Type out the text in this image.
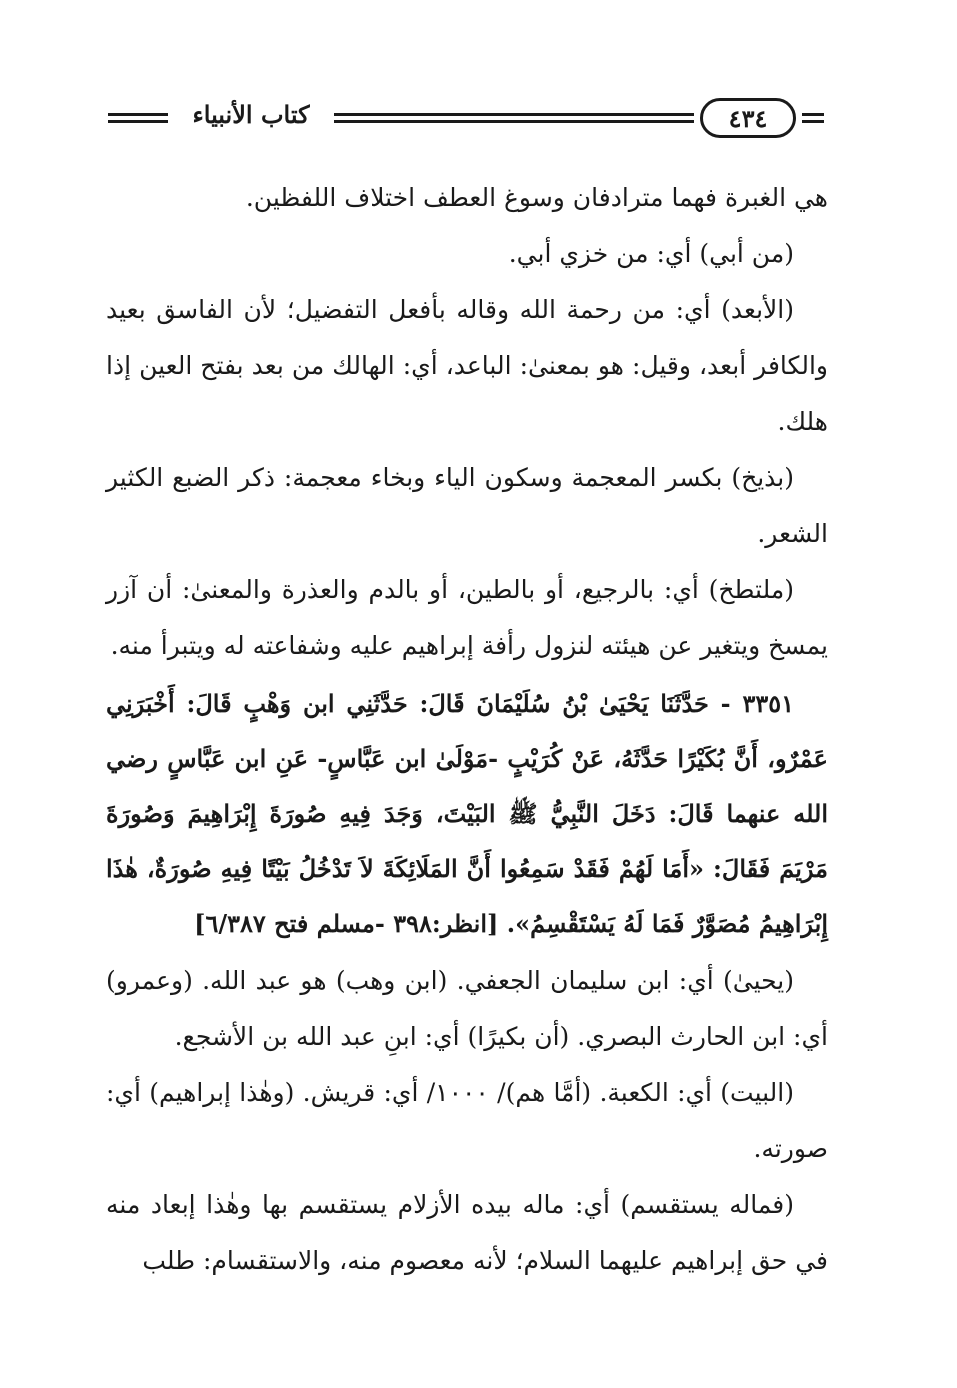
كتاب الأنبياء	٤٣٤

هي الغبرة فهما مترادفان وسوغ العطف اختلاف اللفظين.

(من أبي) أي: من خزي أبي.

(الأبعد) أي: من رحمة الله وقاله بأفعل التفضيل؛ لأن الفاسق بعيد والكافر أبعد، وقيل: هو بمعنىٰ: الباعد، أي: الهالك من بعد بفتح العين إذا هلك.

(بذيخ) بكسر المعجمة وسكون الياء وبخاء معجمة: ذكر الضبع الكثير الشعر.

(ملتطخ) أي: بالرجيع، أو بالطين، أو بالدم والعذرة والمعنىٰ: أن آزر يمسخ ويتغير عن هيئته لنزول رأفة إبراهيم عليه وشفاعته له ويتبرأ منه.

٣٣٥١ - حَدَّثَنَا يَحْيَىٰ بْنُ سُلَيْمَانَ قَالَ: حَدَّثَنِي ابن وَهْبٍ قَالَ: أَخْبَرَنِي عَمْرٌو، أَنَّ بُكَيْرًا حَدَّثَهُ، عَنْ كُرَيْبٍ -مَوْلَىٰ ابن عَبَّاسٍ- عَنِ ابن عَبَّاسٍ رضي الله عنهما قَالَ: دَخَلَ النَّبِيُّ ﷺ البَيْتَ، وَجَدَ فِيهِ صُورَةَ إِبْرَاهِيمَ وَصُورَةَ مَرْيَمَ فَقَالَ: «أَمَا لَهُمْ فَقَدْ سَمِعُوا أَنَّ المَلَائِكَةَ لاَ تَدْخُلُ بَيْتًا فِيهِ صُورَةٌ، هٰذَا إِبْرَاهِيمُ مُصَوَّرٌ فَمَا لَهُ يَسْتَقْسِمُ». [انظر:٣٩٨ -مسلم فتح ٦/٣٨٧]

(يحيىٰ) أي: ابن سليمان الجعفي. (ابن وهب) هو عبد الله. (وعمرو) أي: ابن الحارث البصري. (أن بكيرًا) أي: ابنِ عبد الله بن الأشجع.

(البيت) أي: الكعبة. (أمَّا هم)/ ١٠٠٠/ أي: قريش. (وهٰذا إبراهيم) أي: صورته.

(فماله يستقسم) أي: ماله بيده الأزلام يستقسم بها وهٰذا إبعاد منه في حق إبراهيم عليهما السلام؛ لأنه معصوم منه، والاستقسام: طلب
